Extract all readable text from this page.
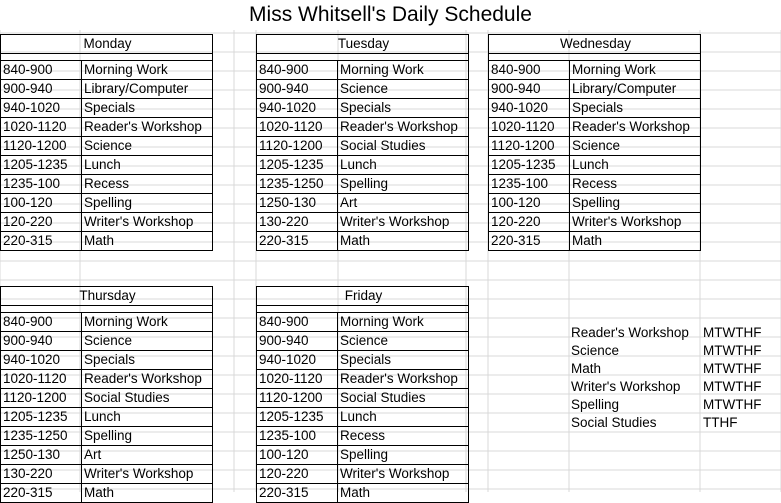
Miss Whitsell's Daily Schedule
Monday	

840-900	Morning Work
900-940	Library/Computer
940-1020	Specials
1020-1120	Reader's Workshop
1120-1200	Science
1205-1235	Lunch
1235-100	Recess
100-120	Spelling
120-220	Writer's Workshop
220-315	Math
Tuesday	

840-900	Morning Work
900-940	Science
940-1020	Specials
1020-1120	Reader's Workshop
1120-1200	Social Studies
1205-1235	Lunch
1235-1250	Spelling
1250-130	Art
130-220	Writer's Workshop
220-315	Math
Wednesday	

840-900	Morning Work
900-940	Library/Computer
940-1020	Specials
1020-1120	Reader's Workshop
1120-1200	Science
1205-1235	Lunch
1235-100	Recess
100-120	Spelling
120-220	Writer's Workshop
220-315	Math
Thursday	

840-900	Morning Work
900-940	Science
940-1020	Specials
1020-1120	Reader's Workshop
1120-1200	Social Studies
1205-1235	Lunch
1235-1250	Spelling
1250-130	Art
130-220	Writer's Workshop
220-315	Math
Friday	

840-900	Morning Work
900-940	Science
940-1020	Specials
1020-1120	Reader's Workshop
1120-1200	Social Studies
1205-1235	Lunch
1235-100	Recess
100-120	Spelling
120-220	Writer's Workshop
220-315	Math
Reader's Workshop	MTWTHF
Science	MTWTHF
Math	MTWTHF
Writer's Workshop	MTWTHF
Spelling	MTWTHF
Social Studies	TTHF
